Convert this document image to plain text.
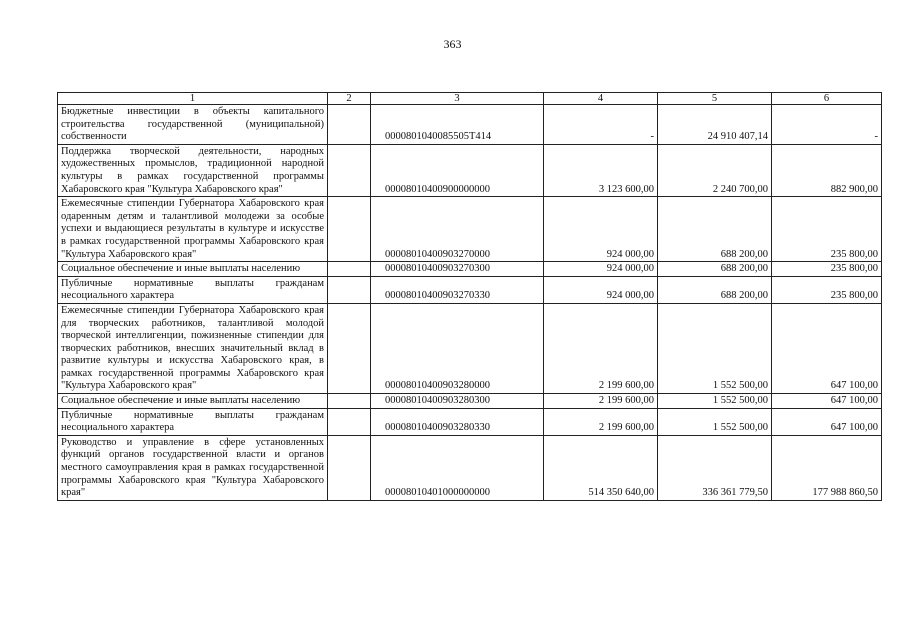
363
1	2	3	4	5	6
Бюджетные инвестиции в объекты капитального строительства государственной (муниципальной) собственности		0000801040085505Т414	-	24 910 407,14	-
Поддержка творческой деятельности, народных художественных промыслов, традиционной народной культуры в рамках государственной программы Хабаровского края "Культура Хабаровского края"		00008010400900000000	3 123 600,00	2 240 700,00	882 900,00
Ежемесячные стипендии Губернатора Хабаровского края одаренным детям и талантливой молодежи за особые успехи и выдающиеся результаты в культуре и искусстве в рамках государственной программы Хабаровского края "Культура Хабаровского края"		00008010400903270000	924 000,00	688 200,00	235 800,00
Социальное обеспечение и иные выплаты населению		00008010400903270300	924 000,00	688 200,00	235 800,00
Публичные нормативные выплаты гражданам несоциального характера		00008010400903270330	924 000,00	688 200,00	235 800,00
Ежемесячные стипендии Губернатора Хабаровского края для творческих работников, талантливой молодой творческой интеллигенции, пожизненные стипендии для творческих работников, внесших значительный вклад в развитие культуры и искусства Хабаровского края, в рамках государственной программы Хабаровского края "Культура Хабаровского края"		00008010400903280000	2 199 600,00	1 552 500,00	647 100,00
Социальное обеспечение и иные выплаты населению		00008010400903280300	2 199 600,00	1 552 500,00	647 100,00
Публичные нормативные выплаты гражданам несоциального характера		00008010400903280330	2 199 600,00	1 552 500,00	647 100,00
Руководство и управление в сфере установленных функций органов государственной власти и органов местного самоуправления края в рамках государственной программы Хабаровского края "Культура Хабаровского края"		00008010401000000000	514 350 640,00	336 361 779,50	177 988 860,50
